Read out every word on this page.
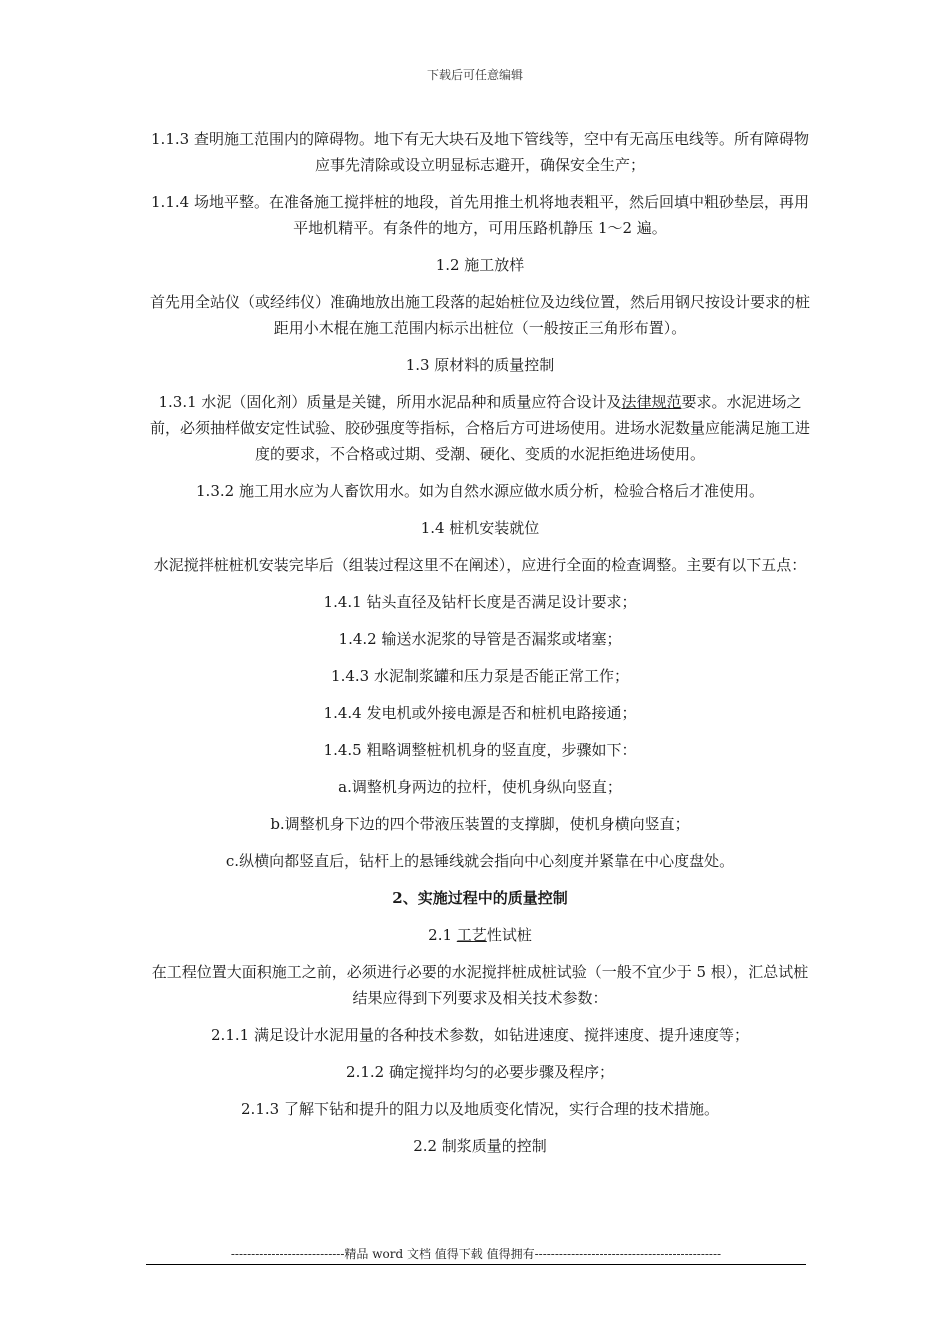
下载后可任意编辑

1.1.3 查明施工范围内的障碍物。地下有无大块石及地下管线等，空中有无高压电线等。所有障碍物应事先清除或设立明显标志避开，确保安全生产；

1.1.4 场地平整。在准备施工搅拌桩的地段，首先用推土机将地表粗平，然后回填中粗砂垫层，再用平地机精平。有条件的地方，可用压路机静压 1～2 遍。

1.2 施工放样

首先用全站仪（或经纬仪）准确地放出施工段落的起始桩位及边线位置，然后用钢尺按设计要求的桩距用小木棍在施工范围内标示出桩位（一般按正三角形布置）。

1.3 原材料的质量控制

1.3.1 水泥（固化剂）质量是关键，所用水泥品种和质量应符合设计及法律规范要求。水泥进场之前，必须抽样做安定性试验、胶砂强度等指标，合格后方可进场使用。进场水泥数量应能满足施工进度的要求，不合格或过期、受潮、硬化、变质的水泥拒绝进场使用。

1.3.2 施工用水应为人畜饮用水。如为自然水源应做水质分析，检验合格后才准使用。

1.4 桩机安装就位

水泥搅拌桩桩机安装完毕后（组装过程这里不在阐述），应进行全面的检查调整。主要有以下五点：

1.4.1 钻头直径及钻杆长度是否满足设计要求；

1.4.2 输送水泥浆的导管是否漏浆或堵塞；

1.4.3 水泥制浆罐和压力泵是否能正常工作；

1.4.4 发电机或外接电源是否和桩机电路接通；

1.4.5 粗略调整桩机机身的竖直度，步骤如下：

a.调整机身两边的拉杆，使机身纵向竖直；

b.调整机身下边的四个带液压装置的支撑脚，使机身横向竖直；

c.纵横向都竖直后，钻杆上的悬锤线就会指向中心刻度并紧靠在中心度盘处。

2、实施过程中的质量控制

2.1 工艺性试桩

在工程位置大面积施工之前，必须进行必要的水泥搅拌桩成桩试验（一般不宜少于 5 根），汇总试桩结果应得到下列要求及相关技术参数：

2.1.1 满足设计水泥用量的各种技术参数，如钻进速度、搅拌速度、提升速度等；

2.1.2 确定搅拌均匀的必要步骤及程序；

2.1.3 了解下钻和提升的阻力以及地质变化情况，实行合理的技术措施。

2.2 制浆质量的控制

----------------------------精品 word 文档 值得下载 值得拥有----------------------------------------------
